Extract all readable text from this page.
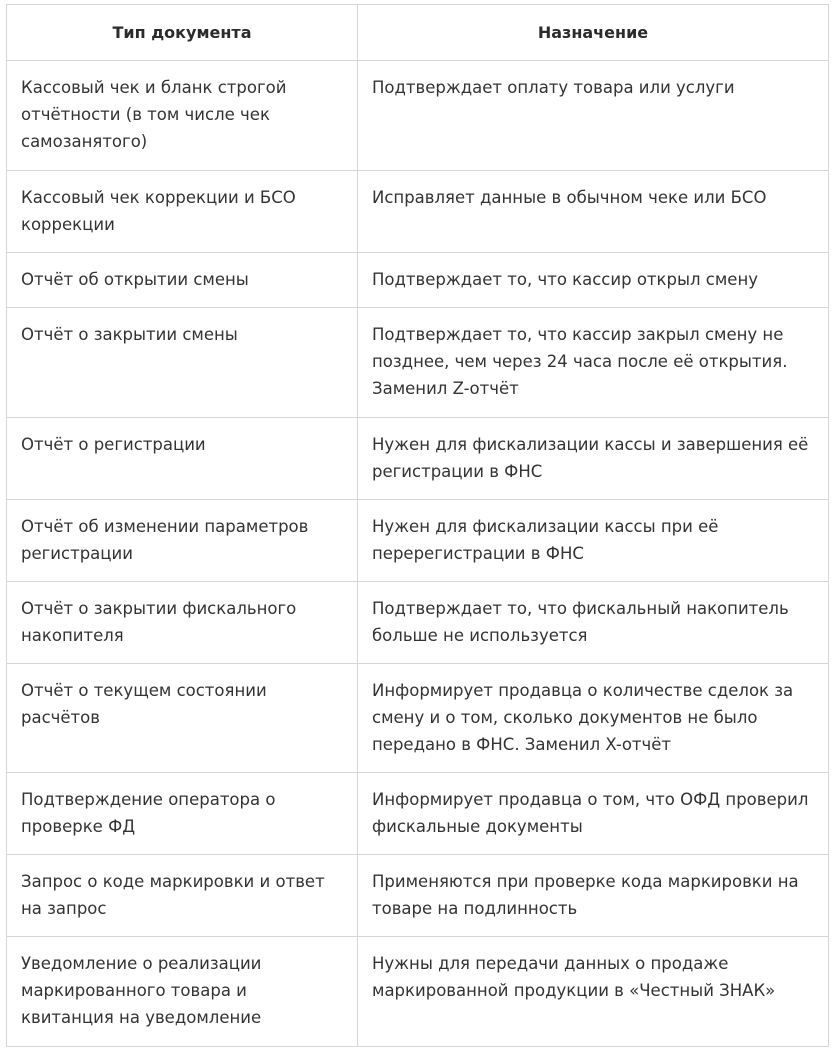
Тип документа	Назначение
Кассовый чек и бланк строгой отчётности (в том числе чек самозанятого)	Подтверждает оплату товара или услуги
Кассовый чек коррекции и БСО коррекции	Исправляет данные в обычном чеке или БСО
Отчёт об открытии смены	Подтверждает то, что кассир открыл смену
Отчёт о закрытии смены	Подтверждает то, что кассир закрыл смену не позднее, чем через 24 часа после её открытия. Заменил Z-отчёт
Отчёт о регистрации	Нужен для фискализации кассы и завершения её регистрации в ФНС
Отчёт об изменении параметров регистрации	Нужен для фискализации кассы при её перерегистрации в ФНС
Отчёт о закрытии фискального накопителя	Подтверждает то, что фискальный накопитель больше не используется
Отчёт о текущем состоянии расчётов	Информирует продавца о количестве сделок за смену и о том, сколько документов не было передано в ФНС. Заменил X-отчёт
Подтверждение оператора о проверке ФД	Информирует продавца о том, что ОФД проверил фискальные документы
Запрос о коде маркировки и ответ на запрос	Применяются при проверке кода маркировки на товаре на подлинность
Уведомление о реализации маркированного товара и квитанция на уведомление	Нужны для передачи данных о продаже маркированной продукции в «Честный ЗНАК»
